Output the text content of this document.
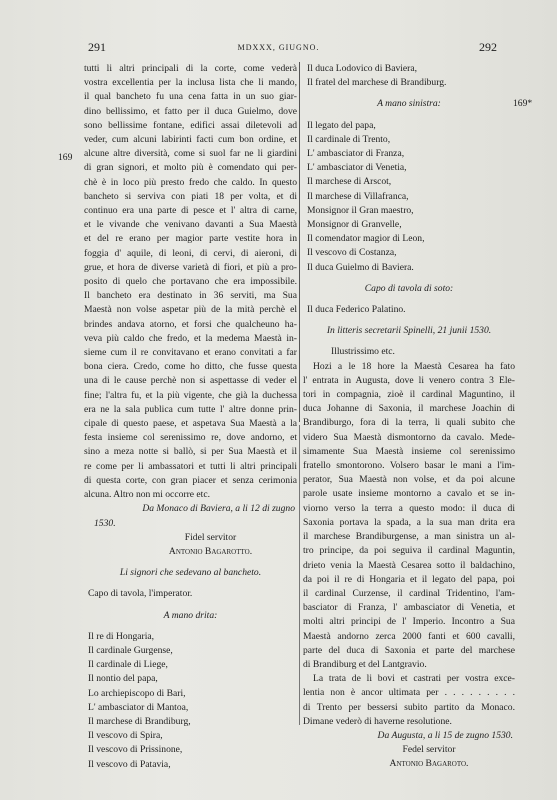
291	MDXXX, GIUGNO.	292
169
169*
tutti li altri principali di la corte, come vederà
vostra excellentia per la inclusa lista che li mando,
il qual bancheto fu una cena fatta in un suo giar-
dino bellissimo, et fatto per il duca Guielmo, dove
sono bellissime fontane, edifici assai diletevoli ad
veder, cum alcuni labirinti facti cum bon ordine, et
alcune altre diversità, come si suol far ne li giardini
di gran signori, et molto più è comendato qui per-
chè è in loco più presto fredo che caldo. In questo
bancheto si serviva con piati 18 per volta, et di
continuo era una parte di pesce et l' altra di carne,
et le vivande che venivano davanti a Sua Maestà
et del re erano per magior parte vestite hora in
foggia d' aquile, di leoni, di cervi, di aieroni, di
grue, et hora de diverse varietà di fiori, et più a pro-
posito di quelo che portavano che era impossibile.
Il bancheto era destinato in 36 serviti, ma Sua
Maestà non volse aspetar più de la mità perchè el
brindes andava atorno, et forsi che qualcheuno ha-
veva più caldo che fredo, et la medema Maestà in-
sieme cum il re convitavano et erano convitati a far
bona ciera. Credo, come ho ditto, che fusse questa
una di le cause perchè non si aspettasse di veder el
fine; l'altra fu, et la più vigente, che già la duchessa
era ne la sala publica cum tutte l' altre donne prin-
cipale di questo paese, et aspetava Sua Maestà a la
festa insieme col serenissimo re, dove andorno, et
sino a meza notte si ballò, si per Sua Maestà et il
re come per li ambassatori et tutti li altri principali
di questa corte, con gran piacer et senza cerimonia
alcuna. Altro non mi occorre etc.
Da Monaco di Baviera, a li 12 di zugno
1530.
Fidel servitor
Antonio Bagarotto.
Li signori che sedevano al bancheto.
Capo di tavola, l'imperator.
A mano drita:
Il re di Hongaria,
Il cardinale Gurgense,
Il cardinale di Liege,
Il nontio del papa,
Lo archiepiscopo di Bari,
L' ambasciator di Mantoa,
Il marchese di Brandiburg,
Il vescovo di Spira,
Il vescovo di Prissinone,
Il vescovo di Patavia,
Il duca Lodovico di Baviera,
Il fratel del marchese di Brandiburg.
A mano sinistra:
Il legato del papa,
Il cardinale di Trento,
L' ambasciator di Franza,
L' ambasciator di Venetia,
Il marchese di Arscot,
Il marchese di Villafranca,
Monsignor il Gran maestro,
Monsignor di Granvelle,
Il comendator magior di Leon,
Il vescovo di Costanza,
Il duca Guielmo di Baviera.
Capo di tavola di soto:
Il duca Federico Palatino.
In litteris secretarii Spinelli, 21 junii 1530.
Illustrissimo etc.
Hozi a le 18 hore la Maestà Cesarea ha fato
l' entrata in Augusta, dove li venero contra 3 Ele-
tori in compagnia, zioè il cardinal Maguntino, il
duca Johanne di Saxonia, il marchese Joachin di
Brandiburgo, fora di la terra, li quali subito che
videro Sua Maestà dismontorno da cavalo. Mede-
simamente Sua Maestà insieme col serenissimo
fratello smontorono. Volsero basar le mani a l'im-
perator, Sua Maestà non volse, et da poi alcune
parole usate insieme montorno a cavalo et se in-
viorno verso la terra a questo modo: il duca di
Saxonia portava la spada, a la sua man drita era
il marchese Brandiburgense, a man sinistra un al-
tro principe, da poi seguiva il cardinal Maguntin,
drieto venia la Maestà Cesarea sotto il baldachino,
da poi il re di Hongaria et il legato del papa, poi
il cardinal Curzense, il cardinal Tridentino, l'am-
basciator di Franza, l' ambasciator di Venetia, et
molti altri principi de l' Imperio. Incontro a Sua
Maestà andorno zerca 2000 fanti et 600 cavalli,
parte del duca di Saxonia et parte del marchese
di Brandiburg et del Lantgravio.
La trata de li bovi et castrati per vostra exce-
lentia non è ancor ultimata per . . . . . . . . .
di Trento per bessersi subito partito da Monaco.
Dimane vederò di haverne resolutione.
Da Augusta, a li 15 de zugno 1530.
Fedel servitor
Antonio Bagaroto.
